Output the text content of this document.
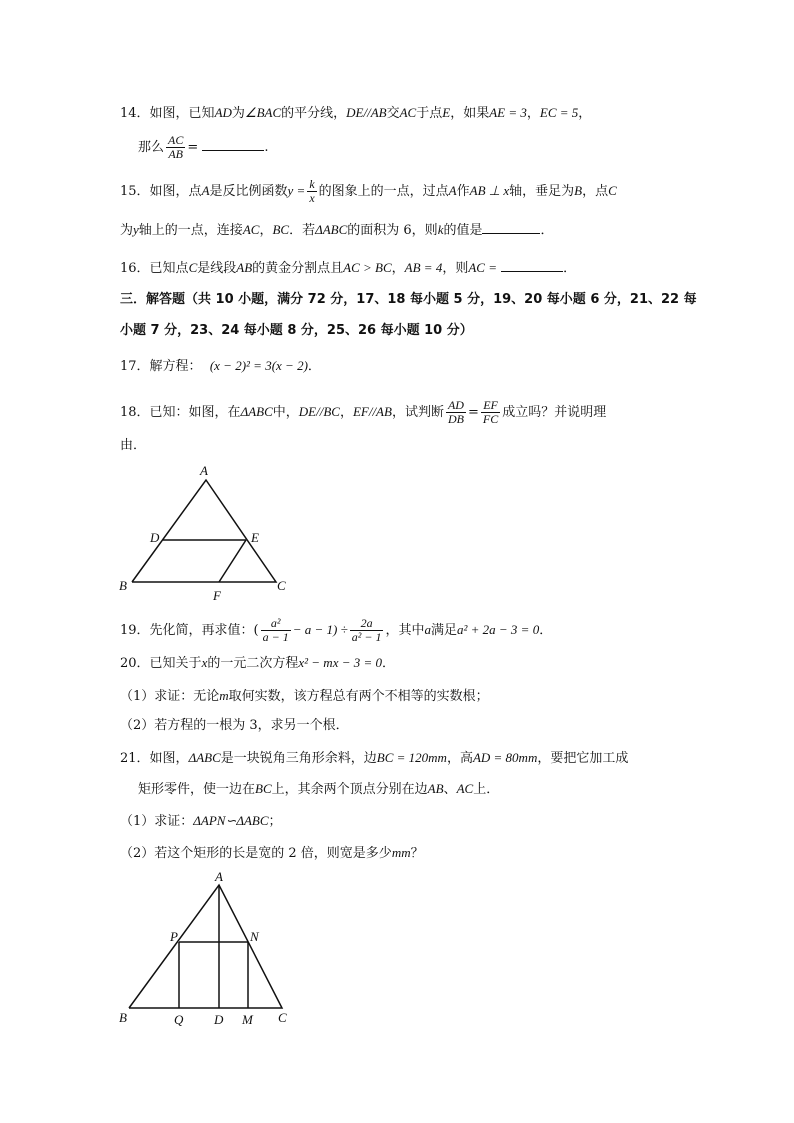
14．如图，已知AD为∠BAC的平分线，DE//AB交AC于点E，如果AE = 3，EC = 5，
那么 $\frac{AC}{AB}$ =	.
15．如图，点A是反比例函数$y = \frac{k}{x}$ 的图象上的一点，过点A作AB ⊥ x轴，垂足为B，点C
为y轴上的一点，连接AC，BC．若ΔABC的面积为 6，则k的值是	．
16．已知点C是线段AB的黄金分割点且AC > BC，AB = 4，则AC =	．
三．解答题（共 10 小题，满分 72 分，17、18 每小题 5 分，19、20 每小题 6 分，21、22 每
小题 7 分，23、24 每小题 8 分，25、26 每小题 10 分）
17．解方程： (x − 2)² = 3(x − 2)．
18．已知：如图，在ΔABC中，DE//BC，EF//AB，试判断 $\frac{AD}{DB} = \frac{EF}{FC}$ 成立吗？并说明理
由．
A
D	E
B	C
F
19．先化简，再求值：( $\frac{\text{a²}}{a - 1} - a - 1) \div \frac{2a}{\text{a² − 1}}$ ，其中a满足a² + 2a − 3 = 0．
20．已知关于x的一元二次方程x² − mx − 3 = 0．
（1）求证：无论m取何实数，该方程总有两个不相等的实数根；
（2）若方程的一根为 3，求另一个根．
21．如图，ΔABC是一块锐角三角形余料，边BC = 120mm，高AD = 80mm，要把它加工成
矩形零件，使一边在BC上，其余两个顶点分别在边AB、AC上．
（1）求证：ΔAPN∽ΔABC；
（2）若这个矩形的长是宽的 2 倍，则宽是多少mm？
A
P	N
B	Q D M C
